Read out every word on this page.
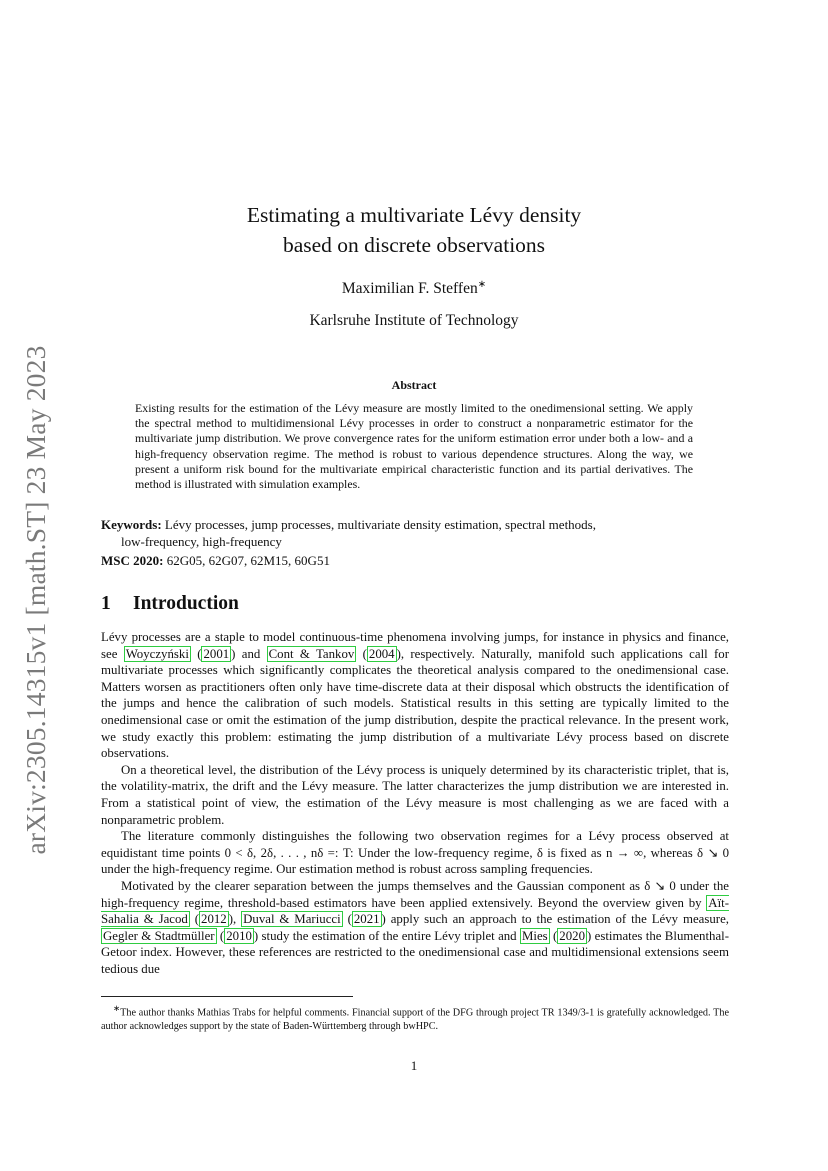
arXiv:2305.14315v1 [math.ST] 23 May 2023
Estimating a multivariate Lévy density
based on discrete observations
Maximilian F. Steffen∗
Karlsruhe Institute of Technology
Abstract
Existing results for the estimation of the Lévy measure are mostly limited to the onedimensional setting. We apply the spectral method to multidimensional Lévy processes in order to construct a nonparametric estimator for the multivariate jump distribution. We prove convergence rates for the uniform estimation error under both a low- and a high-frequency observation regime. The method is robust to various dependence structures. Along the way, we present a uniform risk bound for the multivariate empirical characteristic function and its partial derivatives. The method is illustrated with simulation examples.
Keywords: Lévy processes, jump processes, multivariate density estimation, spectral methods,
low-frequency, high-frequency
MSC 2020: 62G05, 62G07, 62M15, 60G51
1 Introduction

Lévy processes are a staple to model continuous-time phenomena involving jumps, for instance in physics and finance, see Woyczyński ( 2001 ) and Cont & Tankov ( 2004 ), respectively. Naturally, manifold such applications call for multivariate processes which significantly complicates the theoretical analysis compared to the onedimensional case. Matters worsen as practitioners often only have time-discrete data at their disposal which obstructs the identification of the jumps and hence the calibration of such models. Statistical results in this setting are typically limited to the onedimensional case or omit the estimation of the jump distribution, despite the practical relevance. In the present work, we study exactly this problem: estimating the jump distribution of a multivariate Lévy process based on discrete observations.

On a theoretical level, the distribution of the Lévy process is uniquely determined by its characteristic triplet, that is, the volatility-matrix, the drift and the Lévy measure. The latter characterizes the jump distribution we are interested in. From a statistical point of view, the estimation of the Lévy measure is most challenging as we are faced with a nonparametric problem.

The literature commonly distinguishes the following two observation regimes for a Lévy process observed at equidistant time points 0 < δ, 2δ, . . . , nδ =: T: Under the low-frequency regime, δ is fixed as n → ∞, whereas δ ↘ 0 under the high-frequency regime. Our estimation method is robust across sampling frequencies.

Motivated by the clearer separation between the jumps themselves and the Gaussian component as δ ↘ 0 under the high-frequency regime, threshold-based estimators have been applied extensively. Beyond the overview given by Aït-Sahalia & Jacod ( 2012 ), Duval & Mariucci ( 2021 ) apply such an approach to the estimation of the Lévy measure, Gegler & Stadtmüller ( 2010 ) study the estimation of the entire Lévy triplet and Mies ( 2020 ) estimates the Blumenthal-Getoor index. However, these references are restricted to the onedimensional case and multidimensional extensions seem tedious due

∗The author thanks Mathias Trabs for helpful comments. Financial support of the DFG through project TR 1349/3-1 is gratefully acknowledged. The author acknowledges support by the state of Baden-Württemberg through bwHPC.

1
